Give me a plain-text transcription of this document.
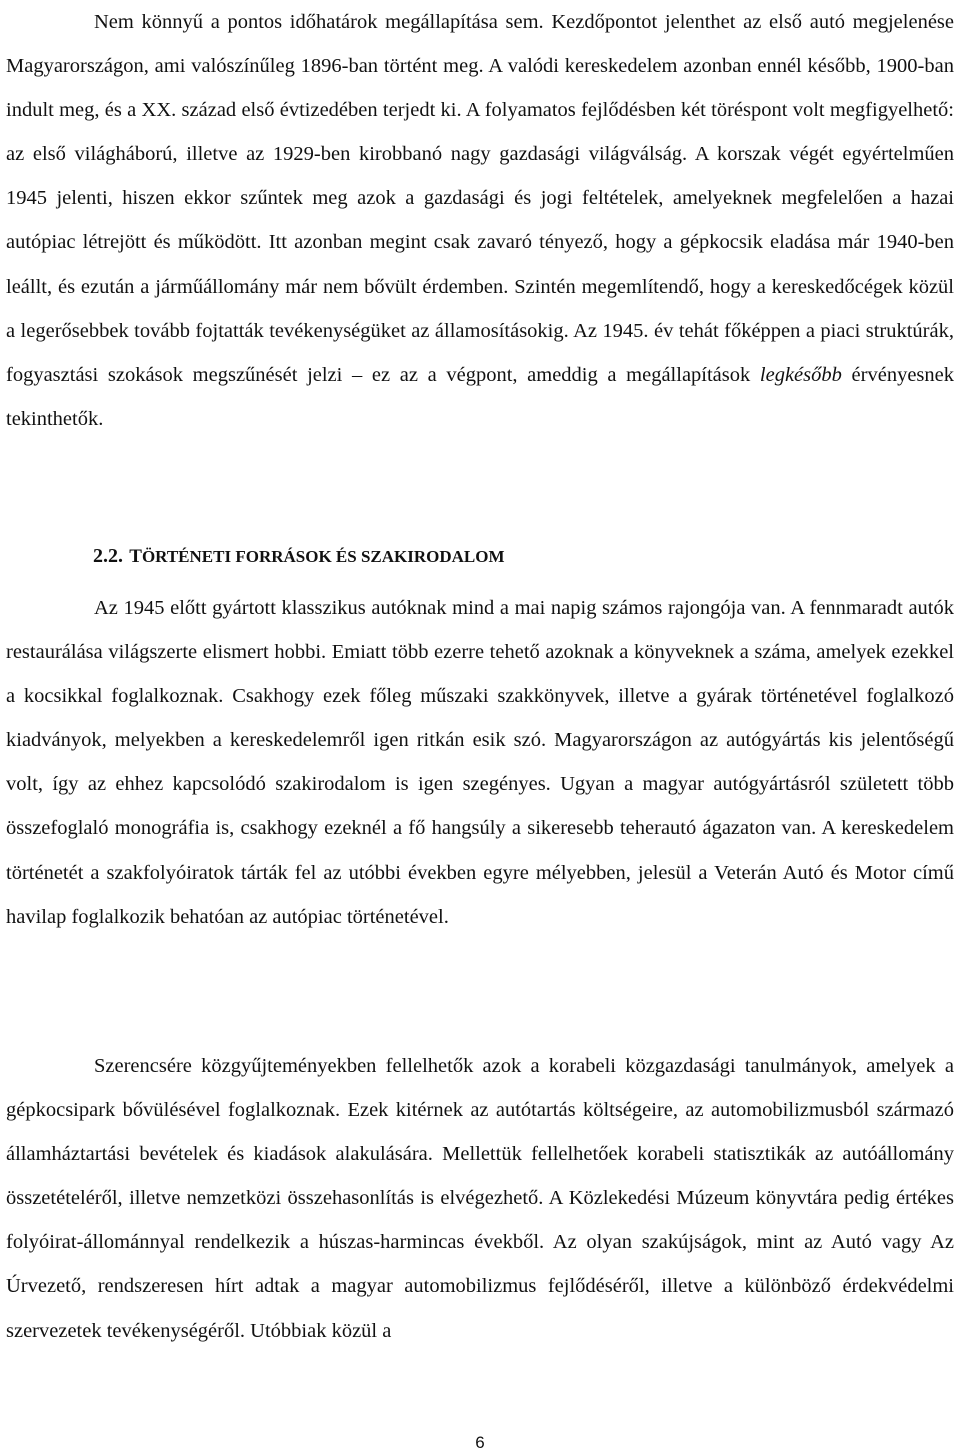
Nem könnyű a pontos időhatárok megállapítása sem. Kezdőpontot jelenthet az első autó megjelenése Magyarországon, ami valószínűleg 1896-ban történt meg. A valódi kereskedelem azonban ennél később, 1900-ban indult meg, és a XX. század első évtizedében terjedt ki. A folyamatos fejlődésben két töréspont volt megfigyelhető: az első világháború, illetve az 1929-ben kirobbanó nagy gazdasági világválság. A korszak végét egyértelműen 1945 jelenti, hiszen ekkor szűntek meg azok a gazdasági és jogi feltételek, amelyeknek megfelelően a hazai autópiac létrejött és működött. Itt azonban megint csak zavaró tényező, hogy a gépkocsik eladása már 1940-ben leállt, és ezután a járműállomány már nem bővült érdemben. Szintén megemlítendő, hogy a kereskedőcégek közül a legerősebbek tovább fojtatták tevékenységüket az államosításokig. Az 1945. év tehát főképpen a piaci struktúrák, fogyasztási szokások megszűnését jelzi – ez az a végpont, ameddig a megállapítások legkésőbb érvényesnek tekinthetők.

2.2. TÖRTÉNETI FORRÁSOK ÉS SZAKIRODALOM

Az 1945 előtt gyártott klasszikus autóknak mind a mai napig számos rajongója van. A fennmaradt autók restaurálása világszerte elismert hobbi. Emiatt több ezerre tehető azoknak a könyveknek a száma, amelyek ezekkel a kocsikkal foglalkoznak. Csakhogy ezek főleg műszaki szakkönyvek, illetve a gyárak történetével foglalkozó kiadványok, melyekben a kereskedelemről igen ritkán esik szó. Magyarországon az autógyártás kis jelentőségű volt, így az ehhez kapcsolódó szakirodalom is igen szegényes. Ugyan a magyar autógyártásról született több összefoglaló monográfia is, csakhogy ezeknél a fő hangsúly a sikeresebb teherautó ágazaton van. A kereskedelem történetét a szakfolyóiratok tárták fel az utóbbi években egyre mélyebben, jelesül a Veterán Autó és Motor című havilap foglalkozik behatóan az autópiac történetével.

Szerencsére közgyűjteményekben fellelhetők azok a korabeli közgazdasági tanulmányok, amelyek a gépkocsipark bővülésével foglalkoznak. Ezek kitérnek az autótartás költségeire, az automobilizmusból származó államháztartási bevételek és kiadások alakulására. Mellettük fellelhetőek korabeli statisztikák az autóállomány összetételéről, illetve nemzetközi összehasonlítás is elvégezhető. A Közlekedési Múzeum könyvtára pedig értékes folyóirat-állománnyal rendelkezik a húszas-harmincas évekből. Az olyan szakújságok, mint az Autó vagy Az Úrvezető, rendszeresen hírt adtak a magyar automobilizmus fejlődéséről, illetve a különböző érdekvédelmi szervezetek tevékenységéről. Utóbbiak közül a

6
